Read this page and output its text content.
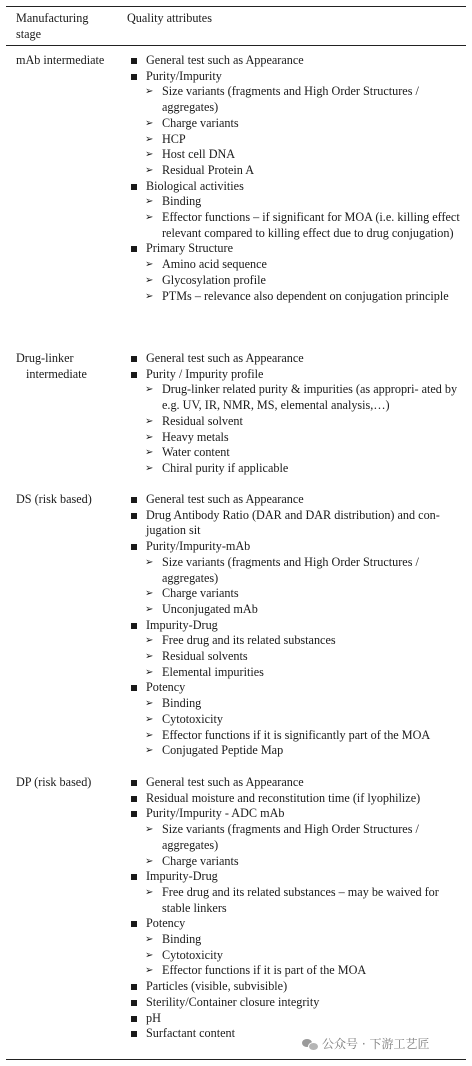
Manufacturing stage
Quality attributes
mAb intermediate
Drug-linker intermediate
DS (risk based)
DP (risk based)
General test such as Appearance
Purity/Impurity
➢ Size variants (fragments and High Order Structures / aggregates)
➢ Charge variants
➢ HCP
➢ Host cell DNA
➢ Residual Protein A
Biological activities
➢ Binding
➢ Effector functions – if significant for MOA (i.e. killing effect relevant compared to killing effect due to drug conjugation)
Primary Structure
➢ Amino acid sequence
➢ Glycosylation profile
➢ PTMs – relevance also dependent on conjugation principle
General test such as Appearance
Purity / Impurity profile
➢ Drug-linker related purity & impurities (as appropri- ated by e.g. UV, IR, NMR, MS, elemental analysis,…)
➢ Residual solvent
➢ Heavy metals
➢ Water content
➢ Chiral purity if applicable
General test such as Appearance
Drug Antibody Ratio (DAR and DAR distribution) and con- jugation sit
Purity/Impurity-mAb
➢ Size variants (fragments and High Order Structures / aggregates)
➢ Charge variants
➢ Unconjugated mAb
Impurity-Drug
➢ Free drug and its related substances
➢ Residual solvents
➢ Elemental impurities
Potency
➢ Binding
➢ Cytotoxicity
➢ Effector functions if it is significantly part of the MOA
➢ Conjugated Peptide Map
General test such as Appearance
Residual moisture and reconstitution time (if lyophilize)
Purity/Impurity - ADC mAb
➢ Size variants (fragments and High Order Structures / aggregates)
➢ Charge variants
Impurity-Drug
➢ Free drug and its related substances – may be waived for stable linkers
Potency
➢ Binding
➢ Cytotoxicity
➢ Effector functions if it is part of the MOA
Particles (visible, subvisible)
Sterility/Container closure integrity
pH
Surfactant content
公众号 · 下游工艺匠
